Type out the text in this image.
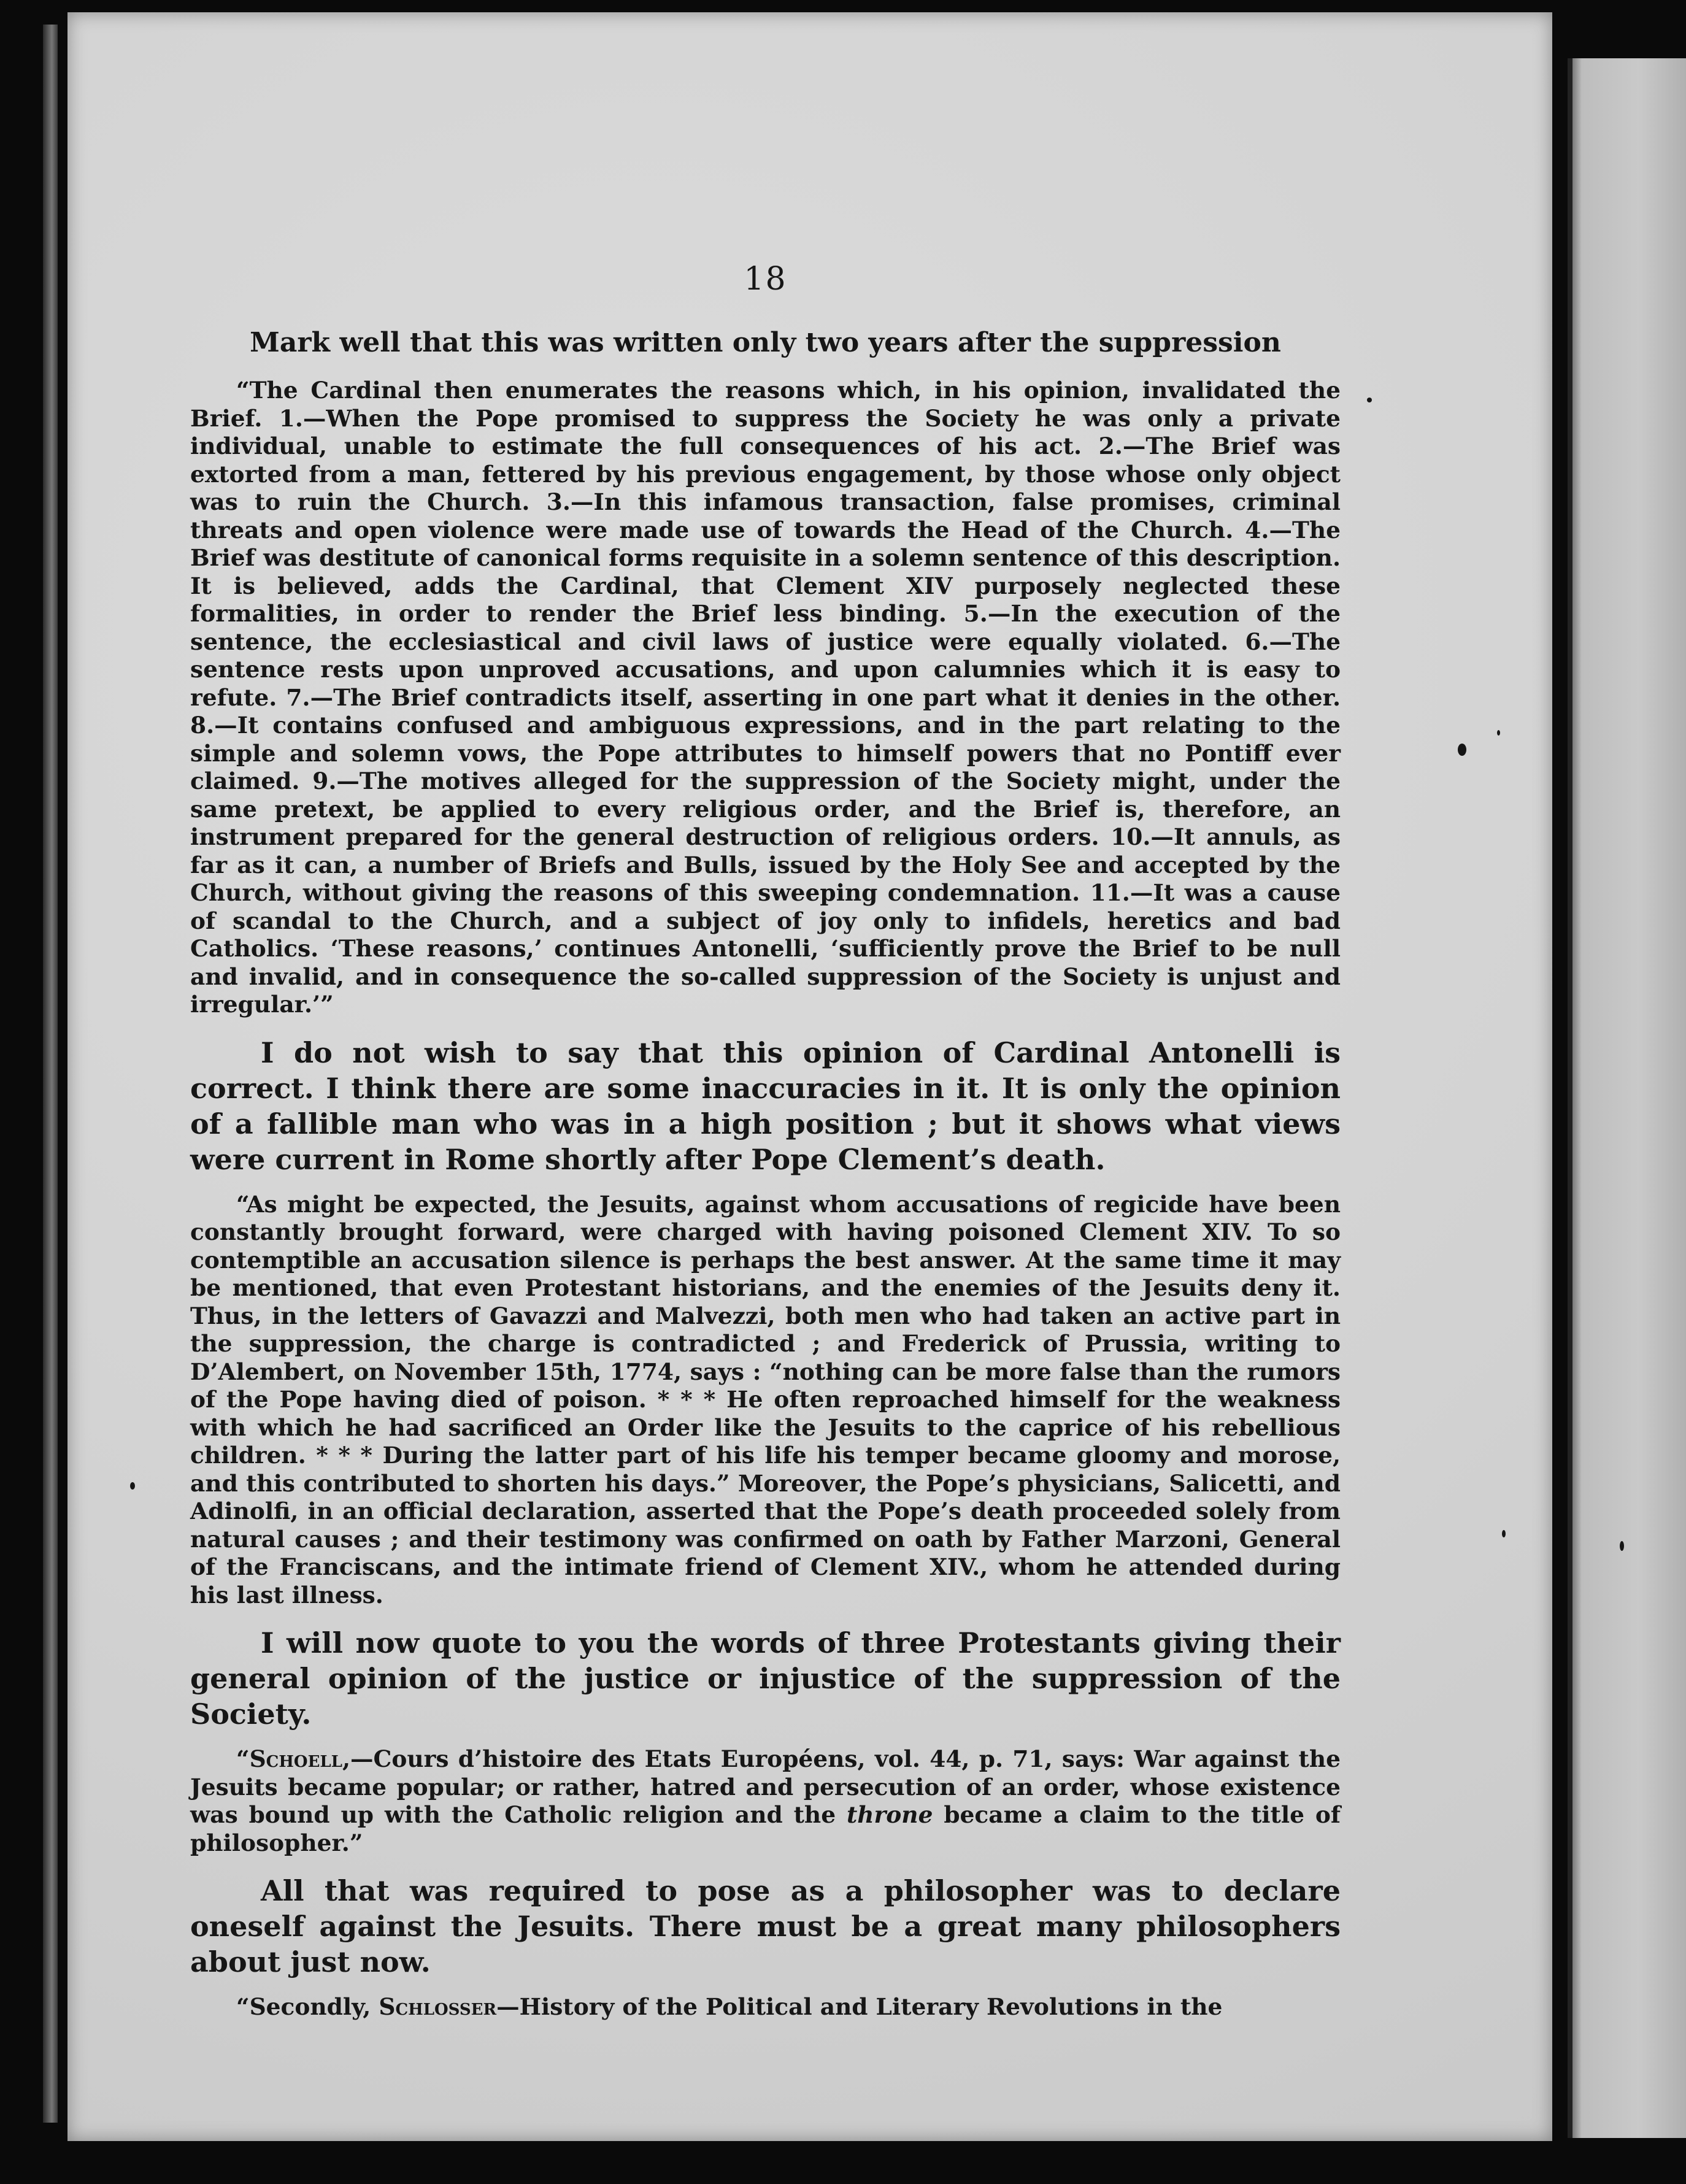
18

Mark well that this was written only two years after the suppression

“The Cardinal then enumerates the reasons which, in his opinion, invalidated the Brief. 1.—When the Pope promised to suppress the Society he was only a private individual, unable to estimate the full consequences of his act. 2.—The Brief was extorted from a man, fettered by his previous engagement, by those whose only object was to ruin the Church. 3.—In this infamous transaction, false promises, criminal threats and open violence were made use of towards the Head of the Church. 4.—The Brief was destitute of canonical forms requisite in a solemn sentence of this description. It is believed, adds the Cardinal, that Clement XIV purposely neglected these formalities, in order to render the Brief less binding. 5.—In the execution of the sentence, the ecclesiastical and civil laws of justice were equally violated. 6.—The sentence rests upon unproved accusations, and upon calumnies which it is easy to refute. 7.—The Brief contradicts itself, asserting in one part what it denies in the other. 8.—It contains confused and ambiguous expressions, and in the part relating to the simple and solemn vows, the Pope attributes to himself powers that no Pontiff ever claimed. 9.—The motives alleged for the suppression of the Society might, under the same pretext, be applied to every religious order, and the Brief is, therefore, an instrument prepared for the general destruction of religious orders. 10.—It annuls, as far as it can, a number of Briefs and Bulls, issued by the Holy See and accepted by the Church, without giving the reasons of this sweeping condemnation. 11.—It was a cause of scandal to the Church, and a subject of joy only to infidels, heretics and bad Catholics. ‘These reasons,’ continues Antonelli, ‘sufficiently prove the Brief to be null and invalid, and in consequence the so-called suppression of the Society is unjust and irregular.’”

I do not wish to say that this opinion of Cardinal Antonelli is correct. I think there are some inaccuracies in it. It is only the opinion of a fallible man who was in a high position ; but it shows what views were current in Rome shortly after Pope Clement’s death.

“As might be expected, the Jesuits, against whom accusations of regicide have been constantly brought forward, were charged with having poisoned Clement XIV. To so contemptible an accusation silence is perhaps the best answer. At the same time it may be mentioned, that even Protestant historians, and the enemies of the Jesuits deny it. Thus, in the letters of Gavazzi and Malvezzi, both men who had taken an active part in the suppression, the charge is contradicted ; and Frederick of Prussia, writing to D’Alembert, on November 15th, 1774, says : “nothing can be more false than the rumors of the Pope having died of poison. * * * He often reproached himself for the weakness with which he had sacrificed an Order like the Jesuits to the caprice of his rebellious children. * * * During the latter part of his life his temper became gloomy and morose, and this contributed to shorten his days.” Moreover, the Pope’s physicians, Salicetti, and Adinolfi, in an official declaration, asserted that the Pope’s death proceeded solely from natural causes ; and their testimony was confirmed on oath by Father Marzoni, General of the Franciscans, and the intimate friend of Clement XIV., whom he attended during his last illness.

I will now quote to you the words of three Protestants giving their general opinion of the justice or injustice of the suppression of the Society.

“Schoell,—Cours d’histoire des Etats Européens, vol. 44, p. 71, says: War against the Jesuits became popular; or rather, hatred and persecution of an order, whose existence was bound up with the Catholic religion and the throne became a claim to the title of philosopher.”

All that was required to pose as a philosopher was to declare oneself against the Jesuits. There must be a great many philosophers about just now.

“Secondly, Schlosser—History of the Political and Literary Revolutions in the
